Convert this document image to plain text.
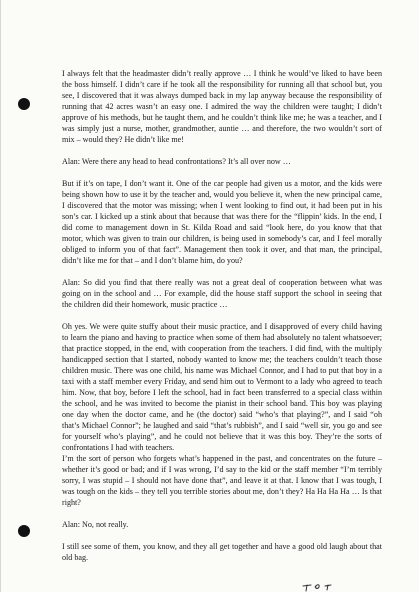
I always felt that the headmaster didn’t really approve … I think he would’ve liked to have been the boss himself. I didn’t care if he took all the responsibility for running all that school but, you see, I discovered that it was always dumped back in my lap anyway because the responsibility of running that 42 acres wasn’t an easy one. I admired the way the children were taught; I didn’t approve of his methods, but he taught them, and he couldn’t think like me; he was a teacher, and I was simply just a nurse, mother, grandmother, auntie … and therefore, the two wouldn’t sort of mix – would they? He didn’t like me!

Alan: Were there any head to head confrontations? It’s all over now …

But if it’s on tape, I don’t want it. One of the car people had given us a motor, and the kids were being shown how to use it by the teacher and, would you believe it, when the new principal came, I discovered that the motor was missing; when I went looking to find out, it had been put in his son’s car. I kicked up a stink about that because that was there for the “flippin’ kids. In the end, I did come to management down in St. Kilda Road and said “look here, do you know that that motor, which was given to train our children, is being used in somebody’s car, and I feel morally obliged to inform you of that fact”. Management then took it over, and that man, the principal, didn’t like me for that – and I don’t blame him, do you?

Alan: So did you find that there really was not a great deal of cooperation between what was going on in the school and … For example, did the house staff support the school in seeing that the children did their homework, music practice …

Oh yes. We were quite stuffy about their music practice, and I disapproved of every child having to learn the piano and having to practice when some of them had absolutely no talent whatsoever; that practice stopped, in the end, with cooperation from the teachers. I did find, with the multiply handicapped section that I started, nobody wanted to know me; the teachers couldn’t teach those children music. There was one child, his name was Michael Connor, and I had to put that boy in a taxi with a staff member every Friday, and send him out to Vermont to a lady who agreed to teach him. Now, that boy, before I left the school, had in fact been transferred to a special class within the school, and he was invited to become the pianist in their school band. This boy was playing one day when the doctor came, and he (the doctor) said “who’s that playing?”, and I said “oh that’s Michael Connor”; he laughed and said “that’s rubbish”, and I said “well sir, you go and see for yourself who’s playing”, and he could not believe that it was this boy. They’re the sorts of confrontations I had with teachers.

I’m the sort of person who forgets what’s happened in the past, and concentrates on the future – whether it’s good or bad; and if I was wrong, I’d say to the kid or the staff member “I’m terribly sorry, I was stupid – I should not have done that”, and leave it at that. I know that I was tough, I was tough on the kids – they tell you terrible stories about me, don’t they? Ha Ha Ha Ha … Is that right?

Alan: No, not really.

I still see some of them, you know, and they all get together and have a good old laugh about that old bag.
